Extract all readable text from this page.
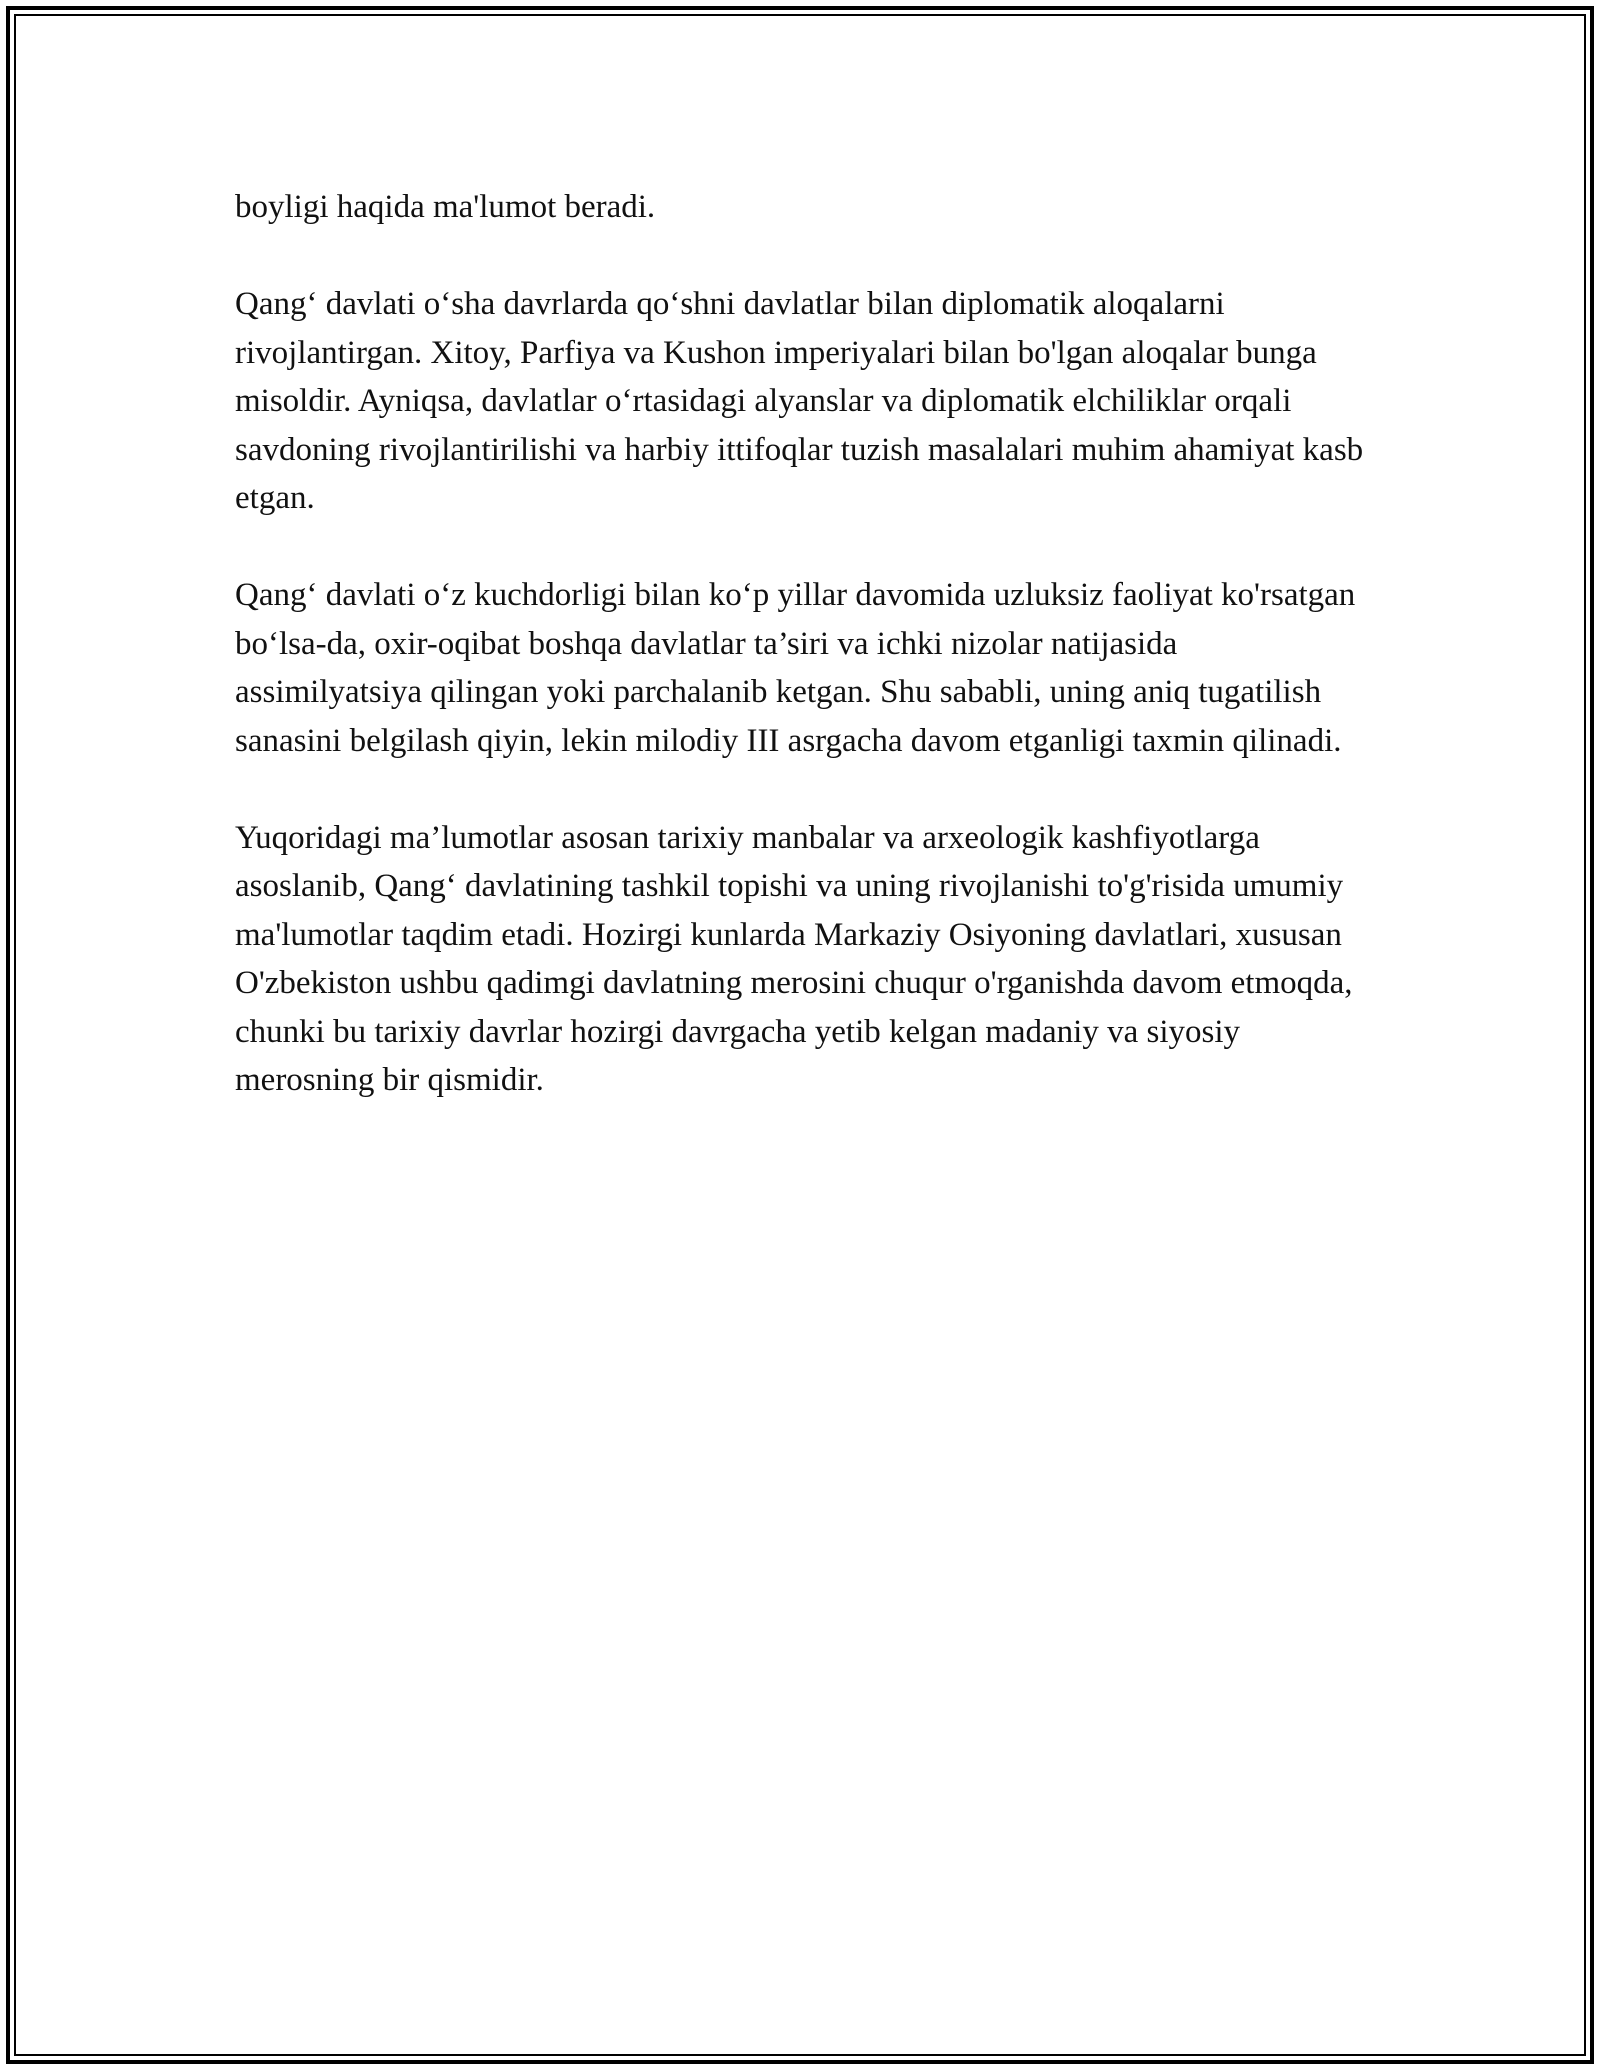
boyligi haqida ma'lumot beradi.

Qang‘ davlati o‘sha davrlarda qo‘shni davlatlar bilan diplomatik aloqalarni rivojlantirgan. Xitoy, Parfiya va Kushon imperiyalari bilan bo'lgan aloqalar bunga misoldir. Ayniqsa, davlatlar o‘rtasidagi alyanslar va diplomatik elchiliklar orqali savdoning rivojlantirilishi va harbiy ittifoqlar tuzish masalalari muhim ahamiyat kasb etgan.

Qang‘ davlati o‘z kuchdorligi bilan ko‘p yillar davomida uzluksiz faoliyat ko'rsatgan bo‘lsa-da, oxir-oqibat boshqa davlatlar ta’siri va ichki nizolar natijasida assimilyatsiya qilingan yoki parchalanib ketgan. Shu sababli, uning aniq tugatilish sanasini belgilash qiyin, lekin milodiy III asrgacha davom etganligi taxmin qilinadi.

Yuqoridagi ma’lumotlar asosan tarixiy manbalar va arxeologik kashfiyotlarga asoslanib, Qang‘ davlatining tashkil topishi va uning rivojlanishi to'g'risida umumiy ma'lumotlar taqdim etadi. Hozirgi kunlarda Markaziy Osiyoning davlatlari, xususan O'zbekiston ushbu qadimgi davlatning merosini chuqur o'rganishda davom etmoqda, chunki bu tarixiy davrlar hozirgi davrgacha yetib kelgan madaniy va siyosiy merosning bir qismidir.
